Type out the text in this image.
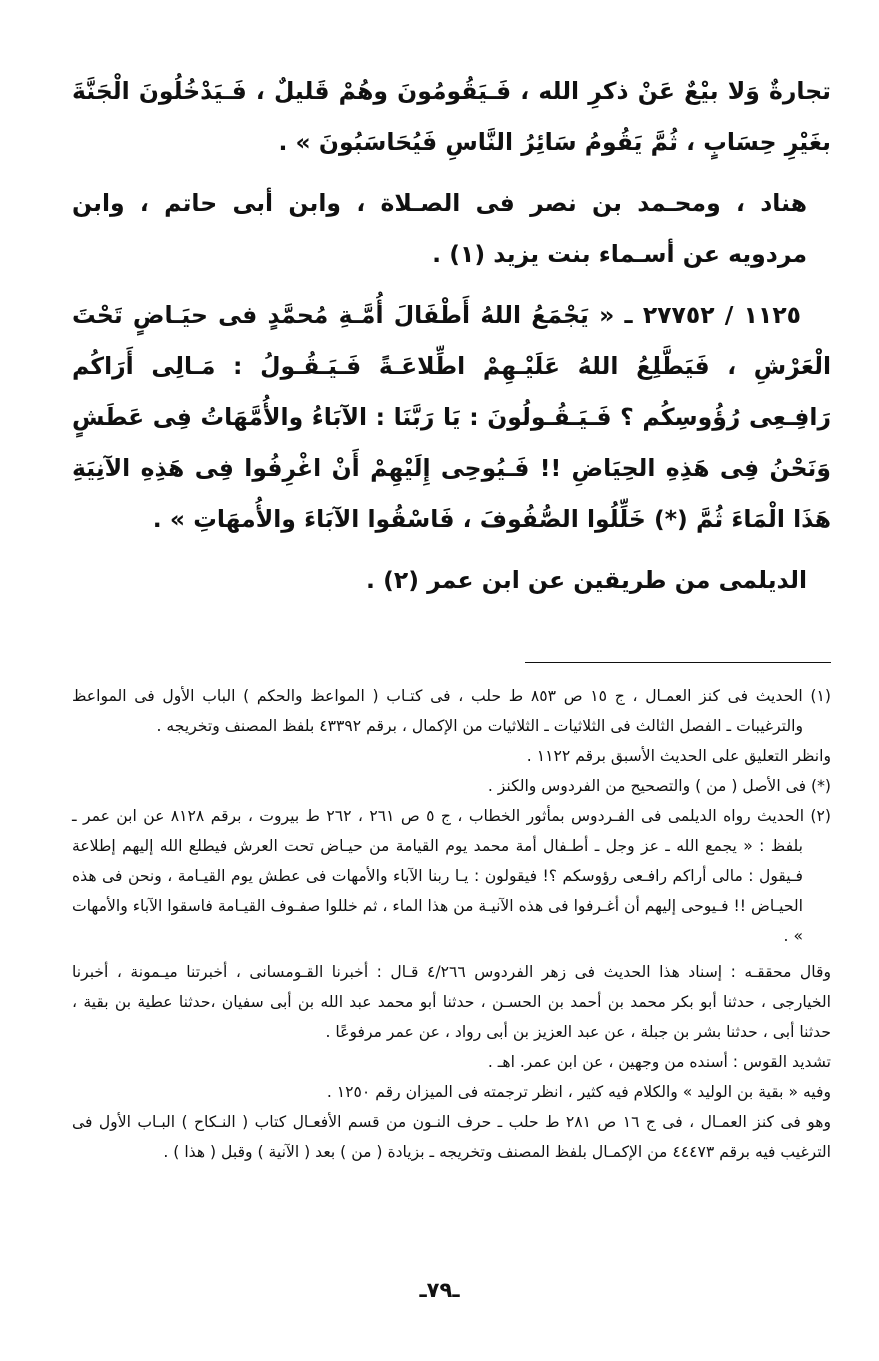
تجارةٌ وَلا بيْعٌ عَنْ ذكرِ الله ، فَـيَقُومُونَ وهُمْ قَليلٌ ، فَـيَدْخُلُونَ الْجَنَّةَ بغَيْرِ حِسَابٍ ، ثُمَّ يَقُومُ سَائِرُ النَّاسِ فَيُحَاسَبُونَ » .

هناد ، ومحـمد بن نصر فى الصـلاة ، وابن أبى حاتم ، وابن مردويه عن أسـماء بنت يزيد (١) .

١١٢٥ / ٢٧٧٥٢ ـ « يَجْمَعُ اللهُ أَطْفَالَ أُمَّـةِ مُحمَّدٍ فى حيَـاضٍ تَحْتَ الْعَرْشِ ، فَيَطَّلِعُ اللهُ عَلَيْـهِمْ اطِّلاعَـةً فَـيَـقُـولُ : مَـالِى أَرَاكُم رَافِـعِى رُؤُوسِكُم ؟ فَـيَـقُـولُونَ : يَا رَبَّنَا : الآبَاءُ والأُمَّهَاتُ فِى عَطَشٍ وَنَحْنُ فِى هَذِهِ الحِيَاضِ !! فَـيُوحِى إِلَيْهِمْ أَنْ اغْرِفُوا فِى هَذِهِ الآنِيَةِ هَذَا الْمَاءَ ثُمَّ (*) خَلِّلُوا الصُّفُوفَ ، فَاسْقُوا الآبَاءَ والأُمهَاتِ » .

الديلمى من طريقين عن ابن عمر (٢) .

(١) الحديث فى كنز العمـال ، ج ١٥ ص ٨٥٣ ط حلب ، فى كتـاب ( المواعظ والحكم ) الباب الأول فى المواعظ والترغيبات ـ الفصل الثالث فى الثلاثيات ـ الثلاثيات من الإكمال ، برقم ٤٣٣٩٢ بلفظ المصنف وتخريجه .

وانظر التعليق على الحديث الأسبق برقم ١١٢٢ .

(*) فى الأصل ( من ) والتصحيح من الفردوس والكنز .

(٢) الحديث رواه الديلمى فى الفـردوس بمأثور الخطاب ، ج ٥ ص ٢٦١ ، ٢٦٢ ط بيروت ، برقم ٨١٢٨ عن ابن عمر ـ بلفظ : « يجمع الله ـ عز وجل ـ أطـفال أمة محمد يوم القيامة من حيـاض تحت العرش فيطلع الله إليهم إطلاعة فـيقول : مالى أراكم رافـعى رؤوسكم ؟! فيقولون : يـا ربنا الآباء والأمهات فى عطش يوم القيـامة ، ونحن فى هذه الحيـاض !! فـيوحى إليهم أن أغـرفوا فى هذه الآنيـة من هذا الماء ، ثم خللوا صفـوف القيـامة فاسقوا الآباء والأمهات » .

وقال محققـه : إسناد هذا الحديث فى زهر الفردوس ٤/٢٦٦ قـال : أخبرنا القـومسانى ، أخبرتنا ميـمونة ، أخبرنا الخيارجى ، حدثنا أبو بكر محمد بن أحمد بن الحسـن ، حدثنا أبو محمد عبد الله بن أبى سفيان ،حدثنا عطية بن بقية ، حدثنا أبى ، حدثنا بشر بن جبلة ، عن عبد العزيز بن أبى رواد ، عن عمر مرفوعًا .

تشديد القوس : أسنده من وجهين ، عن ابن عمر. اهـ .

وفيه « بقية بن الوليد » والكلام فيه كثير ، انظر ترجمته فى الميزان رقم ١٢٥٠ .

وهو فى كنز العمـال ، فى ج ١٦ ص ٢٨١ ط حلب ـ حرف النـون من قسم الأفعـال كتاب ( النـكاح ) البـاب الأول فى الترغيب فيه برقم ٤٤٤٧٣ من الإكمـال بلفظ المصنف وتخريجه ـ بزيادة ( من ) بعد ( الآنية ) وقبل ( هذا ) .

ـ٧٩ـ
